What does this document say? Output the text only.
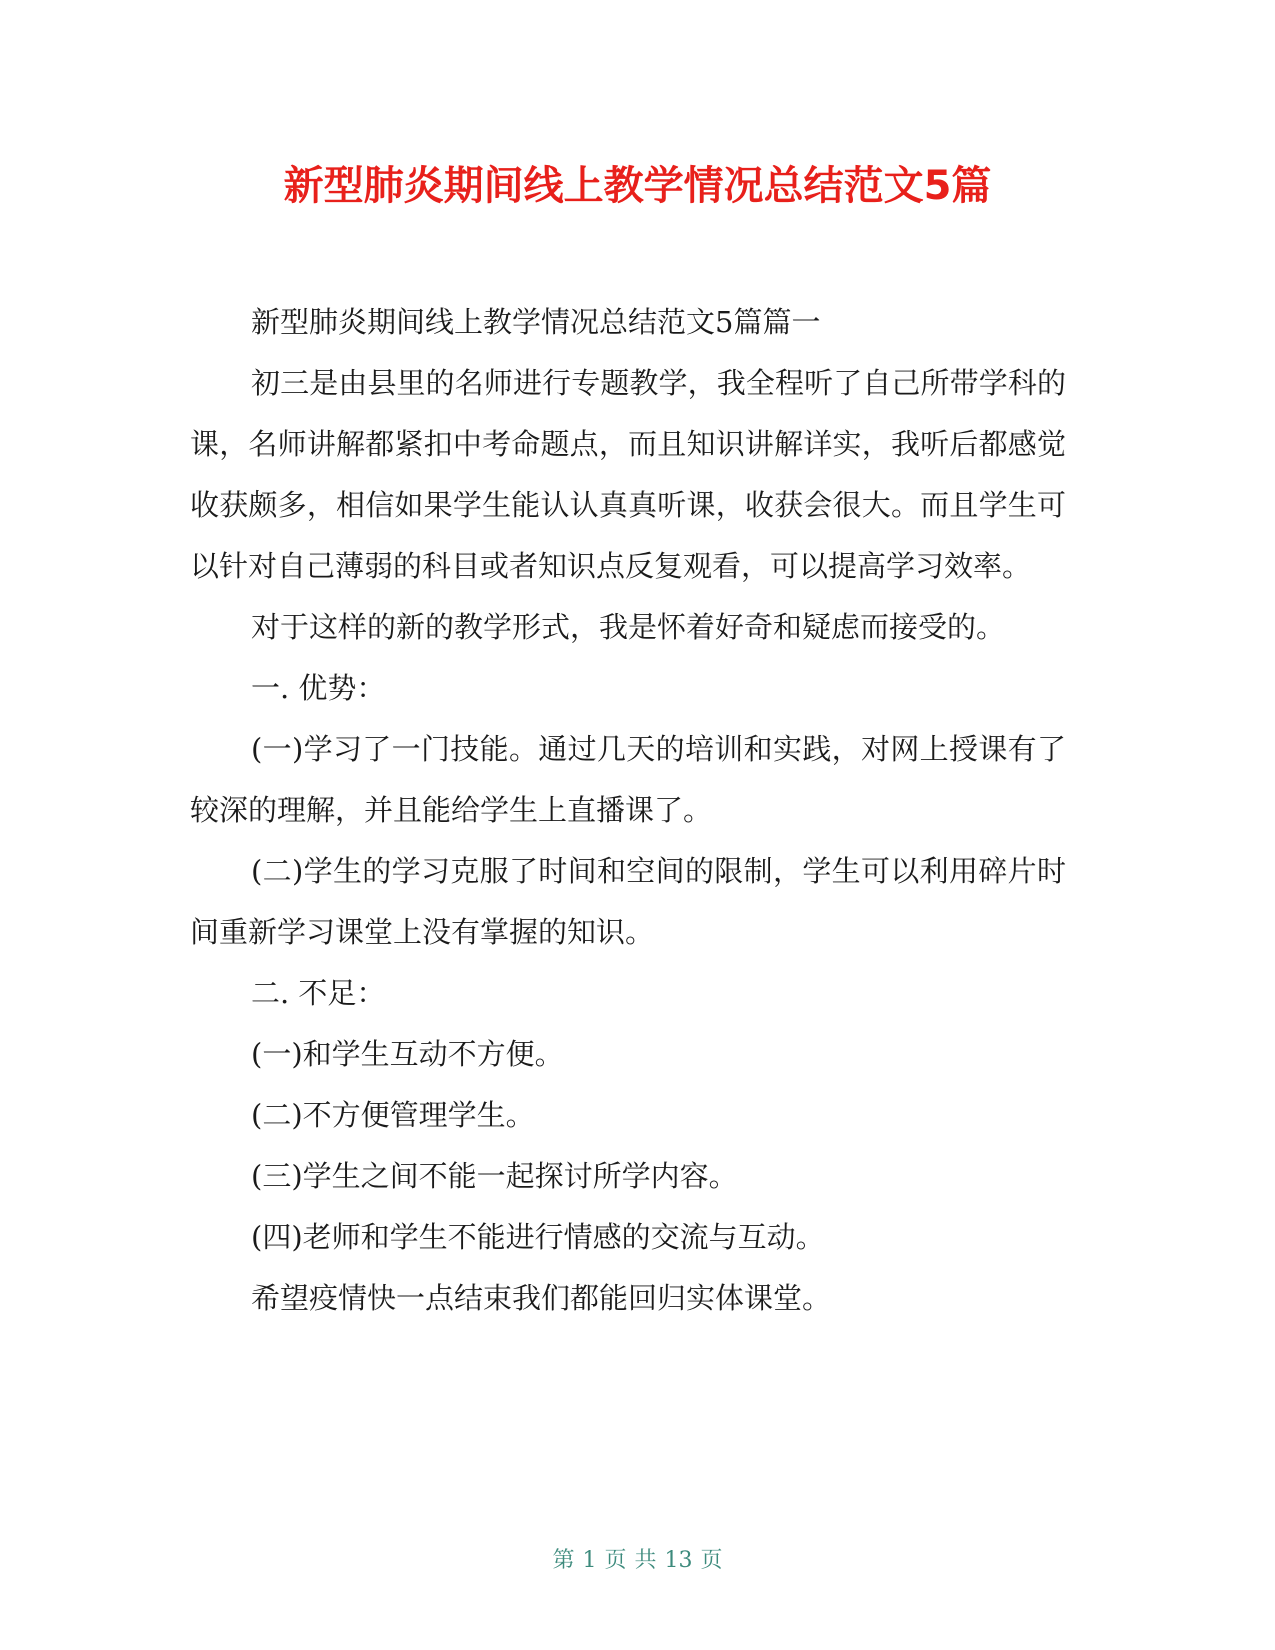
新型肺炎期间线上教学情况总结范文5篇

新型肺炎期间线上教学情况总结范文5篇篇一

初三是由县里的名师进行专题教学，我全程听了自己所带学科的课，名师讲解都紧扣中考命题点，而且知识讲解详实，我听后都感觉收获颇多，相信如果学生能认认真真听课，收获会很大。而且学生可以针对自己薄弱的科目或者知识点反复观看，可以提高学习效率。

对于这样的新的教学形式，我是怀着好奇和疑虑而接受的。

一. 优势：

(一)学习了一门技能。通过几天的培训和实践，对网上授课有了较深的理解，并且能给学生上直播课了。

(二)学生的学习克服了时间和空间的限制，学生可以利用碎片时间重新学习课堂上没有掌握的知识。

二. 不足：

(一)和学生互动不方便。

(二)不方便管理学生。

(三)学生之间不能一起探讨所学内容。

(四)老师和学生不能进行情感的交流与互动。

希望疫情快一点结束我们都能回归实体课堂。

第 1 页 共 13 页
